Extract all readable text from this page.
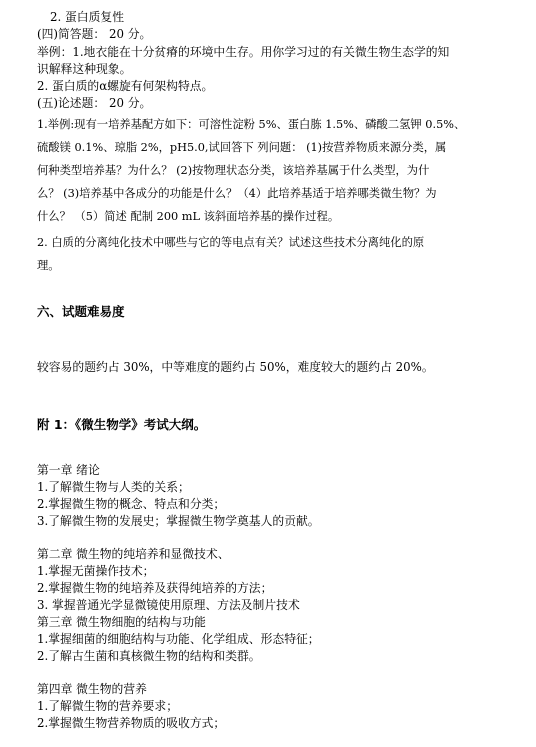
2. 蛋白质复性
(四)简答题： 20 分。
举例：1.地衣能在十分贫瘠的环境中生存。用你学习过的有关微生物生态学的知
识解释这种现象。
2. 蛋白质的α螺旋有何架构特点。
(五)论述题： 20 分。
1.举例:现有一培养基配方如下：可溶性淀粉 5%、蛋白胨 1.5%、磷酸二氢钾 0.5%、
硫酸镁 0.1%、琼脂 2%，pH5.0,试回答下 列问题： (1)按营养物质来源分类，属
何种类型培养基？为什么？ (2)按物理状态分类，该培养基属于什么类型，为什
么？ (3)培养基中各成分的功能是什么？（4）此培养基适于培养哪类微生物？为
什么？ （5）简述 配制 200 mL 该斜面培养基的操作过程。
2. 白质的分离纯化技术中哪些与它的等电点有关？试述这些技术分离纯化的原
理。
六、试题难易度
较容易的题约占 30%，中等难度的题约占 50%，难度较大的题约占 20%。
附 1：《微生物学》考试大纲。
第一章 绪论
1.了解微生物与人类的关系；
2.掌握微生物的概念、特点和分类；
3.了解微生物的发展史；掌握微生物学奠基人的贡献。
第二章 微生物的纯培养和显微技术、
1.掌握无菌操作技术；
2.掌握微生物的纯培养及获得纯培养的方法；
3. 掌握普通光学显微镜使用原理、方法及制片技术
第三章 微生物细胞的结构与功能
1.掌握细菌的细胞结构与功能、化学组成、形态特征；
2.了解古生菌和真核微生物的结构和类群。
第四章 微生物的营养
1.了解微生物的营养要求；
2.掌握微生物营养物质的吸收方式；
